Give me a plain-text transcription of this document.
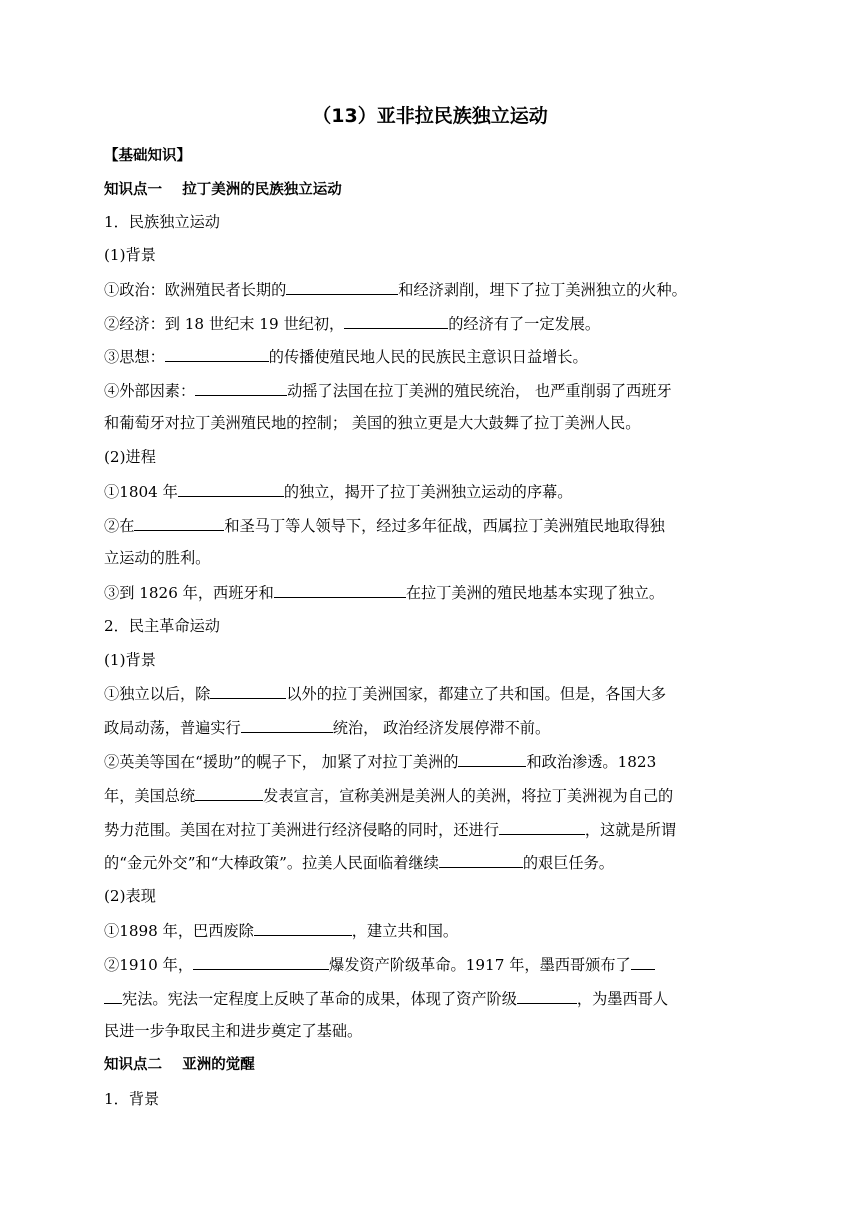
（13）亚非拉民族独立运动
【基础知识】
知识点一 拉丁美洲的民族独立运动
1．民族独立运动
(1)背景
①政治：欧洲殖民者长期的	和经济剥削，埋下了拉丁美洲独立的火种。
②经济：到 18 世纪末 19 世纪初，	的经济有了一定发展。
③思想：	的传播使殖民地人民的民族民主意识日益增长。
④外部因素：	动摇了法国在拉丁美洲的殖民统治， 也严重削弱了西班牙
和葡萄牙对拉丁美洲殖民地的控制； 美国的独立更是大大鼓舞了拉丁美洲人民。
(2)进程
①1804 年	的独立，揭开了拉丁美洲独立运动的序幕。
②在	和圣马丁等人领导下，经过多年征战，西属拉丁美洲殖民地取得独
立运动的胜利。
③到 1826 年，西班牙和	在拉丁美洲的殖民地基本实现了独立。
2．民主革命运动
(1)背景
①独立以后，除	以外的拉丁美洲国家，都建立了共和国。但是，各国大多
政局动荡，普遍实行	统治， 政治经济发展停滞不前。
②英美等国在“援助”的幌子下， 加紧了对拉丁美洲的	和政治渗透。1823
年，美国总统	发表宣言，宣称美洲是美洲人的美洲，将拉丁美洲视为自己的
势力范围。美国在对拉丁美洲进行经济侵略的同时，还进行	，这就是所谓
的“金元外交”和“大棒政策”。拉美人民面临着继续	的艰巨任务。
(2)表现
①1898 年，巴西废除	，建立共和国。
②1910 年，	爆发资产阶级革命。1917 年，墨西哥颁布了
宪法。宪法一定程度上反映了革命的成果，体现了资产阶级	，为墨西哥人
民进一步争取民主和进步奠定了基础。
知识点二 亚洲的觉醒
1．背景
